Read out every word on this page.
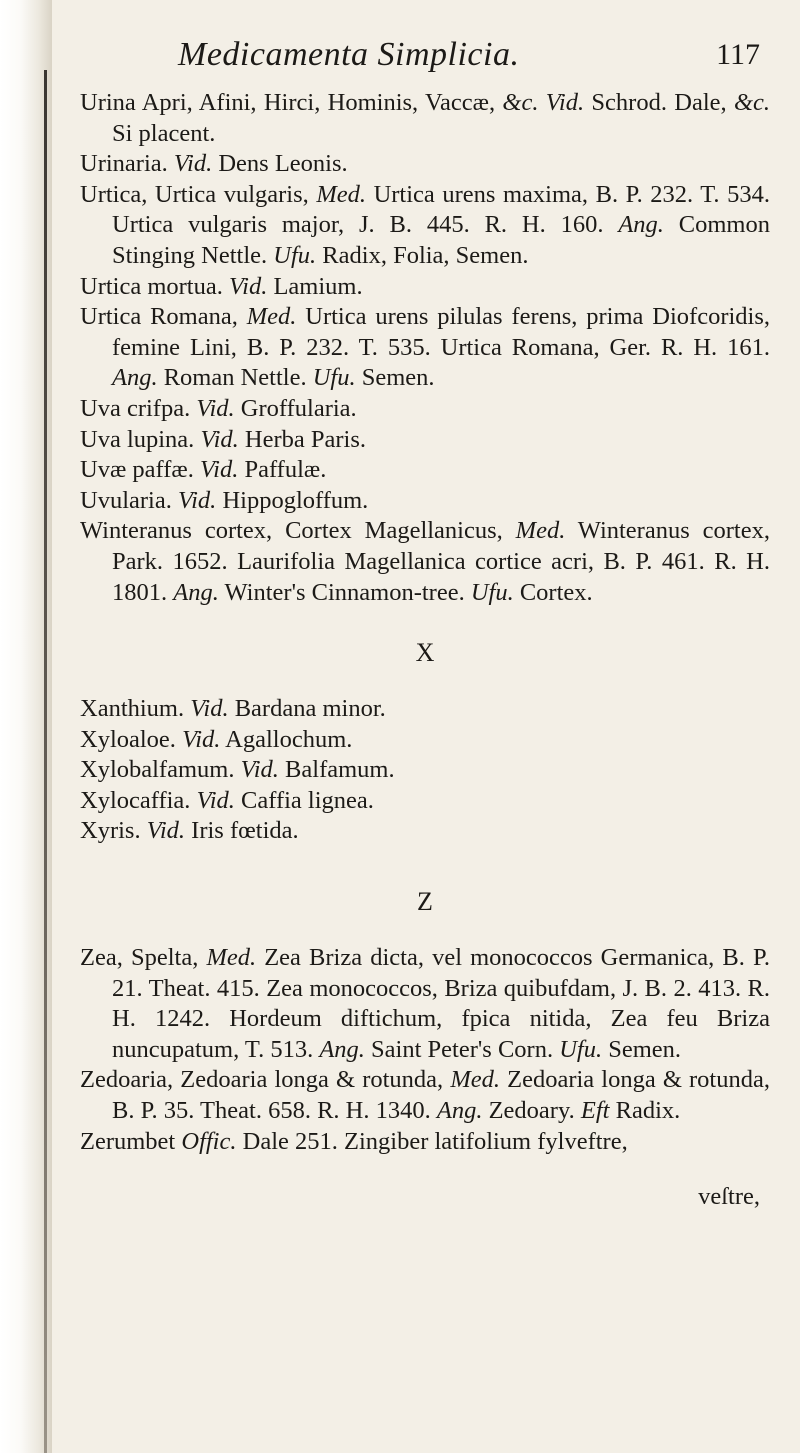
Medicamenta Simplicia.	117

Urina Apri, Afini, Hirci, Hominis, Vaccæ, &c. Vid. Schrod. Dale, &c. Si placent.

Urinaria. Vid. Dens Leonis.

Urtica, Urtica vulgaris, Med. Urtica urens maxima, B. P. 232. T. 534. Urtica vulgaris major, J. B. 445. R. H. 160. Ang. Common Stinging Nettle. Ufu. Radix, Folia, Semen.

Urtica mortua. Vid. Lamium.

Urtica Romana, Med. Urtica urens pilulas ferens, prima Diofcoridis, femine Lini, B. P. 232. T. 535. Urtica Romana, Ger. R. H. 161. Ang. Roman Nettle. Ufu. Semen.

Uva crifpa. Vid. Groffularia.

Uva lupina. Vid. Herba Paris.

Uvæ paffæ. Vid. Paffulæ.

Uvularia. Vid. Hippogloffum.

Winteranus cortex, Cortex Magellanicus, Med. Winteranus cortex, Park. 1652. Laurifolia Magellanica cortice acri, B. P. 461. R. H. 1801. Ang. Winter's Cinnamon-tree. Ufu. Cortex.

X

Xanthium. Vid. Bardana minor.

Xyloaloe. Vid. Agallochum.

Xylobalfamum. Vid. Balfamum.

Xylocaffia. Vid. Caffia lignea.

Xyris. Vid. Iris fœtida.

Z

Zea, Spelta, Med. Zea Briza dicta, vel monococcos Germanica, B. P. 21. Theat. 415. Zea monococcos, Briza quibufdam, J. B. 2. 413. R. H. 1242. Hordeum diftichum, fpica nitida, Zea feu Briza nuncupatum, T. 513. Ang. Saint Peter's Corn. Ufu. Semen.

Zedoaria, Zedoaria longa & rotunda, Med. Zedoaria longa & rotunda, B. P. 35. Theat. 658. R. H. 1340. Ang. Zedoary. Eft Radix.

Zerumbet Offic. Dale 251. Zingiber latifolium fylveftre,

veſtre,
